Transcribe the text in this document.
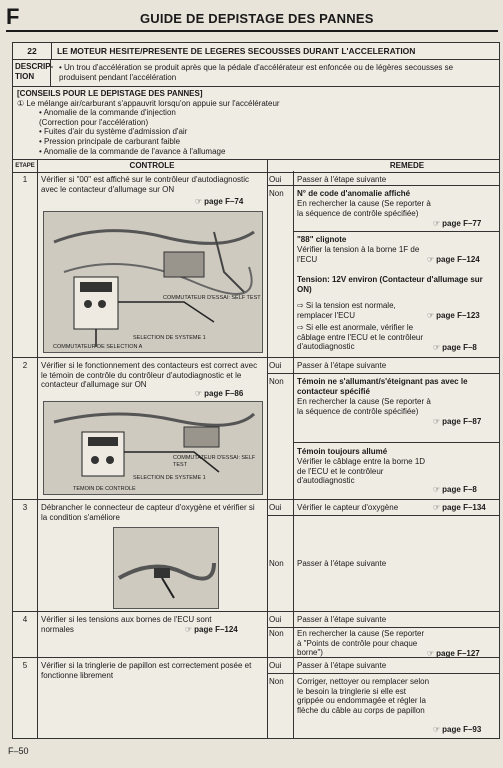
F	GUIDE DE DEPISTAGE DES PANNES
22	LE MOTEUR HESITE/PRESENTE DE LEGERES SECOUSSES DURANT L'ACCELERATION
DESCRIP-TION
• Un trou d'accélération se produit après que la pédale d'accélérateur est enfoncée ou de légères secousses se produisent pendant l'accélération
[CONSEILS POUR LE DEPISTAGE DES PANNES]
① Le mélange air/carburant s'appauvrit lorsqu'on appuie sur l'accélérateur
• Anomalie de la commande d'injection
(Correction pour l'accélération)
• Fuites d'air du système d'admission d'air
• Pression principale de carburant faible
• Anomalie de la commande de l'avance à l'allumage
ETAPE	CONTROLE	REMEDE
1	Vérifier si "00" est affiché sur le contrôleur d'autodiagnostic avec le contacteur d'allumage sur ON
☞ page F–74
COMMUTATEUR D'ESSAI: SELF TEST
SELECTION DE SYSTEME 1
COMMUTATEUR DE SELECTION A
Oui Passer à l'étape suivante
Non N° de code d'anomalie affiché
En rechercher la cause (Se reporter à la séquence de contrôle spécifiée)
☞ page F–77
"88" clignote
Vérifier la tension à la borne 1F de l'ECU	☞ page F–124
Tension: 12V environ (Contacteur d'allumage sur ON)
⇨ Si la tension est normale, remplacer l'ECU	☞ page F–123
⇨ Si elle est anormale, vérifier le câblage entre l'ECU et le contrôleur d'autodiagnostic	☞ page F–8
2	Vérifier si le fonctionnement des contacteurs est correct avec le témoin de contrôle du contrôleur d'autodiagnostic et le contacteur d'allumage sur ON
☞ page F–86
COMMUTATEUR D'ESSAI: SELF TEST
SELECTION DE SYSTEME 1
TEMOIN DE CONTROLE
Oui Passer à l'étape suivante
Non Témoin ne s'allumant/s'éteignant pas avec le contacteur spécifié
En rechercher la cause (Se reporter à la séquence de contrôle spécifiée)
☞ page F–87
Témoin toujours allumé
Vérifier le câblage entre la borne 1D de l'ECU et le contrôleur d'autodiagnostic
☞ page F–8
3	Débrancher le connecteur de capteur d'oxygène et vérifier si la condition s'améliore
Oui Vérifier le capteur d'oxygène	☞ page F–134
Non Passer à l'étape suivante
4	Vérifier si les tensions aux bornes de l'ECU sont normales	☞ page F–124
Oui Passer à l'étape suivante
Non En rechercher la cause (Se reporter à "Points de contrôle pour chaque borne")	☞ page F–127
5	Vérifier si la tringlerie de papillon est correctement posée et fonctionne librement
Oui Passer à l'étape suivante
Non Corriger, nettoyer ou remplacer selon le besoin la tringlerie si elle est grippée ou endommagée et régler la flèche du câble au corps de papillon
☞ page F–93
F–50
